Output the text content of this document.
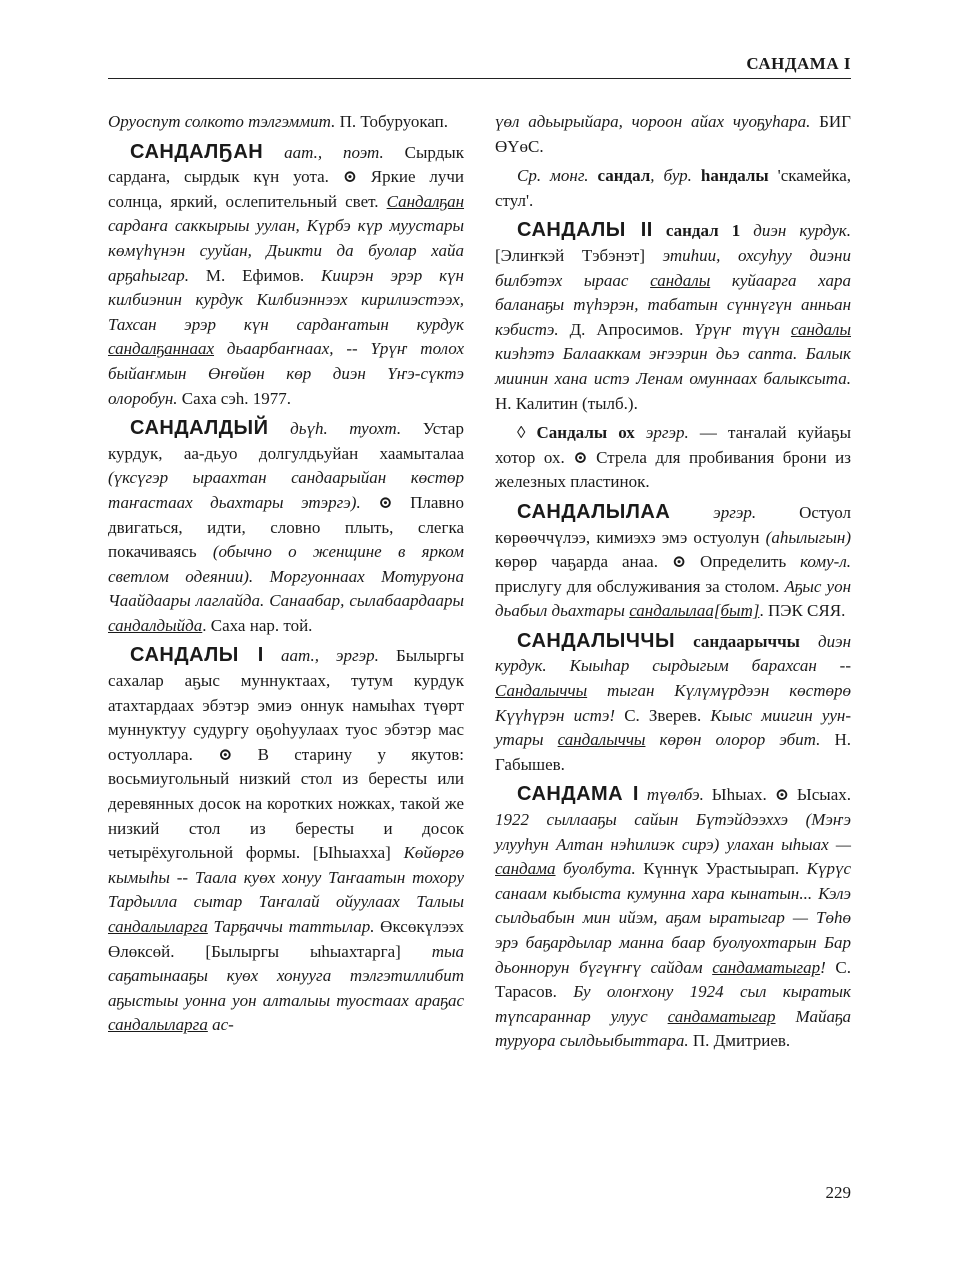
САНДАМА I

Оруоспут солкото тэлгэммит. П. Тобуруокап.

САНДАЛҔАН аат., поэт. Сырдык сардаҥа, сырдык күн уота. ⊙ Яркие лучи солнца, яркий, ослепительный свет. Сандалҕан сардаҥа саккырыы уулан, Күрбэ күр муустары көмүһүнэн сууйан, Дьикти да буолар хайа арҕаһыгар. М. Ефимов. Киирэн эрэр күн килбиэнин курдук Килбиэннээх кирилиэстээх, Тахсан эрэр күн сардаҥатын курдук сандалҕаннаах дьаарбаҥнаах, -- Үрүҥ толох быйаҥмын Өҥөйөн көр диэн Үҥэ-сүктэ олоробун. Саха сэһ. 1977.

САНДАЛДЫЙ дьүһ. туохт. Устар курдук, аа-дьуо долгулдьуйан хаамыталаа (үксүгэр ыраахтан сандаарыйан көстөр таҥастаах дьахтары этэргэ). ⊙ Плавно двигаться, идти, словно плыть, слегка покачиваясь (обычно о женщине в ярком светлом одеянии). Моргуоннаах Мотуруона Чаайдаары лаглайда. Санаабар, сылабаардаары сандалдыйда. Саха нар. той.

САНДАЛЫ I аат., эргэр. Былыргы сахалар аҕыс муннуктаах, тутум курдук атахтардаах эбэтэр эмиэ оннук намыһах түөрт муннуктуу судургу оҕоһуулаах туос эбэтэр мас остуоллара. ⊙ В старину у якутов: восьмиугольный низкий стол из бересты или деревянных досок на коротких ножках, такой же низкий стол из бересты и досок четырёхугольной формы. [Ыһыахха] Көйөргө кымыһы -- Таала куөх хонуу Таҥаатын тохору Тардылла сытар Таҥалай ойуулаах Талыы сандалыларга Тарҕаччы таттылар. Өксөкүлээх Өлөксөй. [Былыргы ыһыахтарга] тыа саҕатынааҕы куөх хонууга тэлгэтиллибит аҕыстыы уонна уон алталыы туостаах араҕас сандалыларга ас-

үөл адьырыйара, чороон айах чуоҕуһара. БИГ ӨҮөС.

Ср. монг. сандал, бур. һандалы 'скамейка, стул'.

САНДАЛЫ II сандал 1 диэн курдук. [Элиҥкэй Тэбэнэт] этиһии, охсуһуу диэни билбэтэх ыраас сандалы куйаарга хара баланаҕы түһэрэн, табатын сүннүгүн анньан кэбистэ. Д. Апросимов. Үрүҥ түүн сандалы киэһэтэ Балааккам эҥээрин дьэ сапта. Балык миинин хана истэ Ленам омуннаах балыксыта. Н. Калитин (тылб.).

◊ Сандалы ох эргэр. — таҥалай куйаҕы хотор ох. ⊙ Стрела для пробивания брони из железных пластинок.

САНДАЛЫЛАА эргэр. Остуол көрөөччүлээ, кимиэхэ эмэ остуолун (аһылыгын) көрөр чаҕарда анаа. ⊙ Определить кому-л. прислугу для обслуживания за столом. Аҕыс уон дьабыл дьахтары сандалылаа[быт]. ПЭК СЯЯ.

САНДАЛЫЧЧЫ сандаарыччы диэн курдук. Кыыһар сырдыгым барахсан -- Сандалыччы тыган Күлүмүрдээн көстөрө Күүһүрэн истэ! С. Зверев. Кыыс миигин уун-утары сандалыччы көрөн олорор эбит. Н. Габышев.

САНДАМА I түөлбэ. Ыһыах. ⊙ Ысыах. 1922 сыллааҕы сайын Бүтэйдээххэ (Мэҥэ улууһун Алтан нэһилиэк сирэ) улахан ыһыах — сандама буолбута. Күннүк Урастыырап. Күрүс санаам кыбыста кумунна хара кынатын... Кэлэ сылдьабын мин ийэм, аҕам ыратыгар — Төһө эрэ баҕардылар манна баар буолуохтарын Бар дьоннорун бүгүҥҥү сайдам сандаматыгар! С. Тарасов. Бу олоҥхону 1924 сыл кыратык түпсараннар улуус сандаматыгар Майаҕа туруора сылдьыбыттара. П. Дмитриев.

229
